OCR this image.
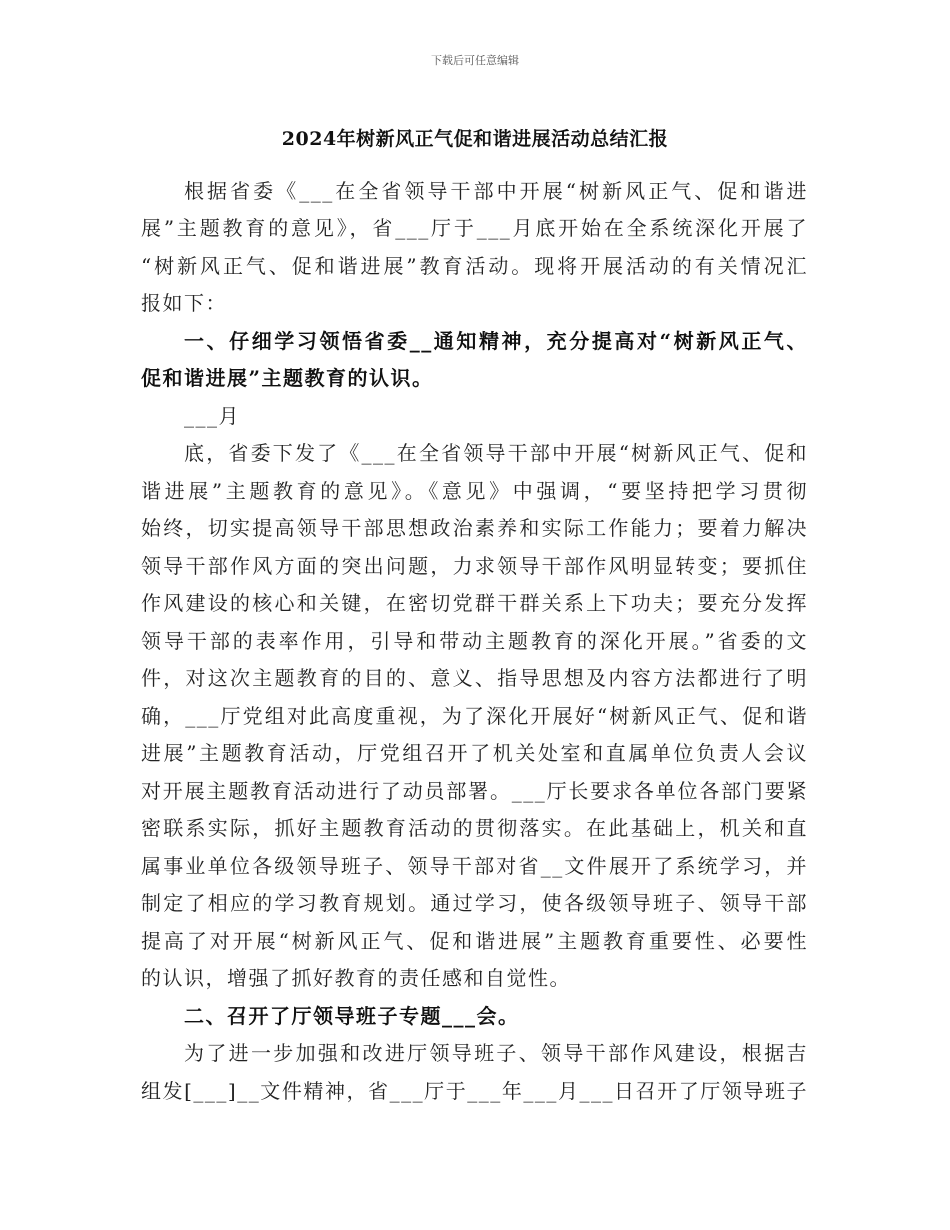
下载后可任意编辑
2024年树新风正气促和谐进展活动总结汇报
根据省委《___在全省领导干部中开展“树新风正气、促和谐进
展”主题教育的意见》，省___厅于___月底开始在全系统深化开展了
“树新风正气、促和谐进展”教育活动。现将开展活动的有关情况汇
报如下：
一、仔细学习领悟省委__通知精神，充分提高对“树新风正气、
促和谐进展”主题教育的认识。
___月
底，省委下发了《___在全省领导干部中开展“树新风正气、促和
谐进展”主题教育的意见》。《意见》中强调，“要坚持把学习贯彻
始终，切实提高领导干部思想政治素养和实际工作能力；要着力解决
领导干部作风方面的突出问题，力求领导干部作风明显转变；要抓住
作风建设的核心和关键，在密切党群干群关系上下功夫；要充分发挥
领导干部的表率作用，引导和带动主题教育的深化开展。”省委的文
件，对这次主题教育的目的、意义、指导思想及内容方法都进行了明
确，___厅党组对此高度重视，为了深化开展好“树新风正气、促和谐
进展”主题教育活动，厅党组召开了机关处室和直属单位负责人会议
对开展主题教育活动进行了动员部署。___厅长要求各单位各部门要紧
密联系实际，抓好主题教育活动的贯彻落实。在此基础上，机关和直
属事业单位各级领导班子、领导干部对省__文件展开了系统学习，并
制定了相应的学习教育规划。通过学习，使各级领导班子、领导干部
提高了对开展“树新风正气、促和谐进展”主题教育重要性、必要性
的认识，增强了抓好教育的责任感和自觉性。
二、召开了厅领导班子专题___会。
为了进一步加强和改进厅领导班子、领导干部作风建设，根据吉
组发[___]__文件精神，省___厅于___年___月___日召开了厅领导班子
